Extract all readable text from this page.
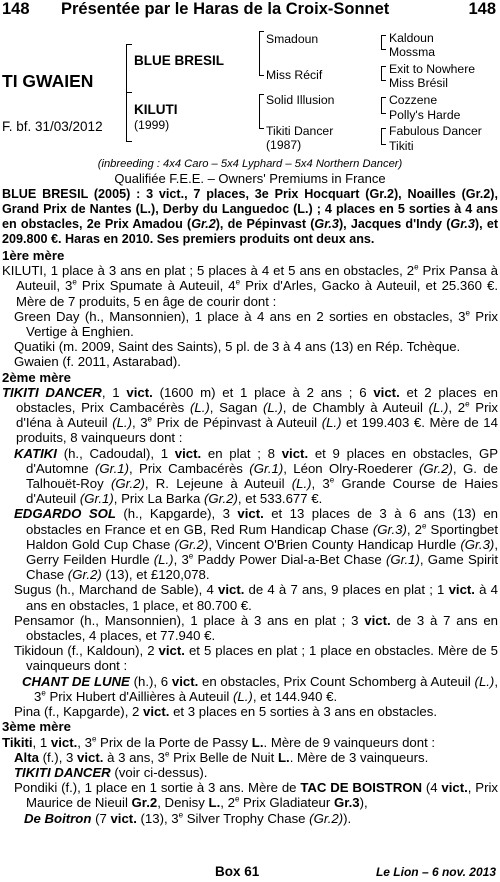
148 Présentée par le Haras de la Croix-Sonnet	148
TI GWAIEN
F. bf. 31/03/2012
BLUE BRESIL
KILUTI
(1999)
Smadoun
Miss Récif
Solid Illusion
Tikiti Dancer
(1987)
Kaldoun
Mossma
Exit to Nowhere
Miss Brésil
Cozzene
Polly's Harde
Fabulous Dancer
Tikiti
(inbreeding : 4x4 Caro – 5x4 Lyphard – 5x4 Northern Dancer)
Qualifiée F.E.E. – Owners' Premiums in France

BLUE BRESIL (2005) : 3 vict., 7 places, 3e Prix Hocquart (Gr.2), Noailles (Gr.2), Grand Prix de Nantes (L.), Derby du Languedoc (L.) ; 4 places en 5 sorties à 4 ans en obstacles, 2e Prix Amadou (Gr.2), de Pépinvast (Gr.3), Jacques d'Indy (Gr.3), et 209.800 €. Haras en 2010. Ses premiers produits ont deux ans.

1ère mère

KILUTI, 1 place à 3 ans en plat ; 5 places à 4 et 5 ans en obstacles, 2e Prix Pansa à Auteuil, 3e Prix Spumate à Auteuil, 4e Prix d'Arles, Gacko à Auteuil, et 25.360 €. Mère de 7 produits, 5 en âge de courir dont :

Green Day (h., Mansonnien), 1 place à 4 ans en 2 sorties en obstacles, 3e Prix Vertige à Enghien.

Quatiki (m. 2009, Saint des Saints), 5 pl. de 3 à 4 ans (13) en Rép. Tchèque.

Gwaien (f. 2011, Astarabad).

2ème mère

TIKITI DANCER, 1 vict. (1600 m) et 1 place à 2 ans ; 6 vict. et 2 places en obstacles, Prix Cambacérès (L.), Sagan (L.), de Chambly à Auteuil (L.), 2e Prix d'Iéna à Auteuil (L.), 3e Prix de Pépinvast à Auteuil (L.) et 199.403 €. Mère de 14 produits, 8 vainqueurs dont :

KATIKI (h., Cadoudal), 1 vict. en plat ; 8 vict. et 9 places en obstacles, GP d'Automne (Gr.1), Prix Cambacérès (Gr.1), Léon Olry-Roederer (Gr.2), G. de Talhouët-Roy (Gr.2), R. Lejeune à Auteuil (L.), 3e Grande Course de Haies d'Auteuil (Gr.1), Prix La Barka (Gr.2), et 533.677 €.

EDGARDO SOL (h., Kapgarde), 3 vict. et 13 places de 3 à 6 ans (13) en obstacles en France et en GB, Red Rum Handicap Chase (Gr.3), 2e Sportingbet Haldon Gold Cup Chase (Gr.2), Vincent O'Brien County Handicap Hurdle (Gr.3), Gerry Feilden Hurdle (L.), 3e Paddy Power Dial-a-Bet Chase (Gr.1), Game Spirit Chase (Gr.2) (13), et £120,078.

Sugus (h., Marchand de Sable), 4 vict. de 4 à 7 ans, 9 places en plat ; 1 vict. à 4 ans en obstacles, 1 place, et 80.700 €.

Pensamor (h., Mansonnien), 1 place à 3 ans en plat ; 3 vict. de 3 à 7 ans en obstacles, 4 places, et 77.940 €.

Tikidoun (f., Kaldoun), 2 vict. et 5 places en plat ; 1 place en obstacles. Mère de 5 vainqueurs dont :

CHANT DE LUNE (h.), 6 vict. en obstacles, Prix Count Schomberg à Auteuil (L.), 3e Prix Hubert d'Aillières à Auteuil (L.), et 144.940 €.

Pina (f., Kapgarde), 2 vict. et 3 places en 5 sorties à 3 ans en obstacles.

3ème mère

Tikiti, 1 vict., 3e Prix de la Porte de Passy L.. Mère de 9 vainqueurs dont :

Alta (f.), 3 vict. à 3 ans, 3e Prix Belle de Nuit L.. Mère de 3 vainqueurs.

TIKITI DANCER (voir ci-dessus).

Pondiki (f.), 1 place en 1 sortie à 3 ans. Mère de TAC DE BOISTRON (4 vict., Prix Maurice de Nieuil Gr.2, Denisy L., 2e Prix Gladiateur Gr.3),

De Boitron (7 vict. (13), 3e Silver Trophy Chase (Gr.2)).

Box 61	Le Lion – 6 nov. 2013
